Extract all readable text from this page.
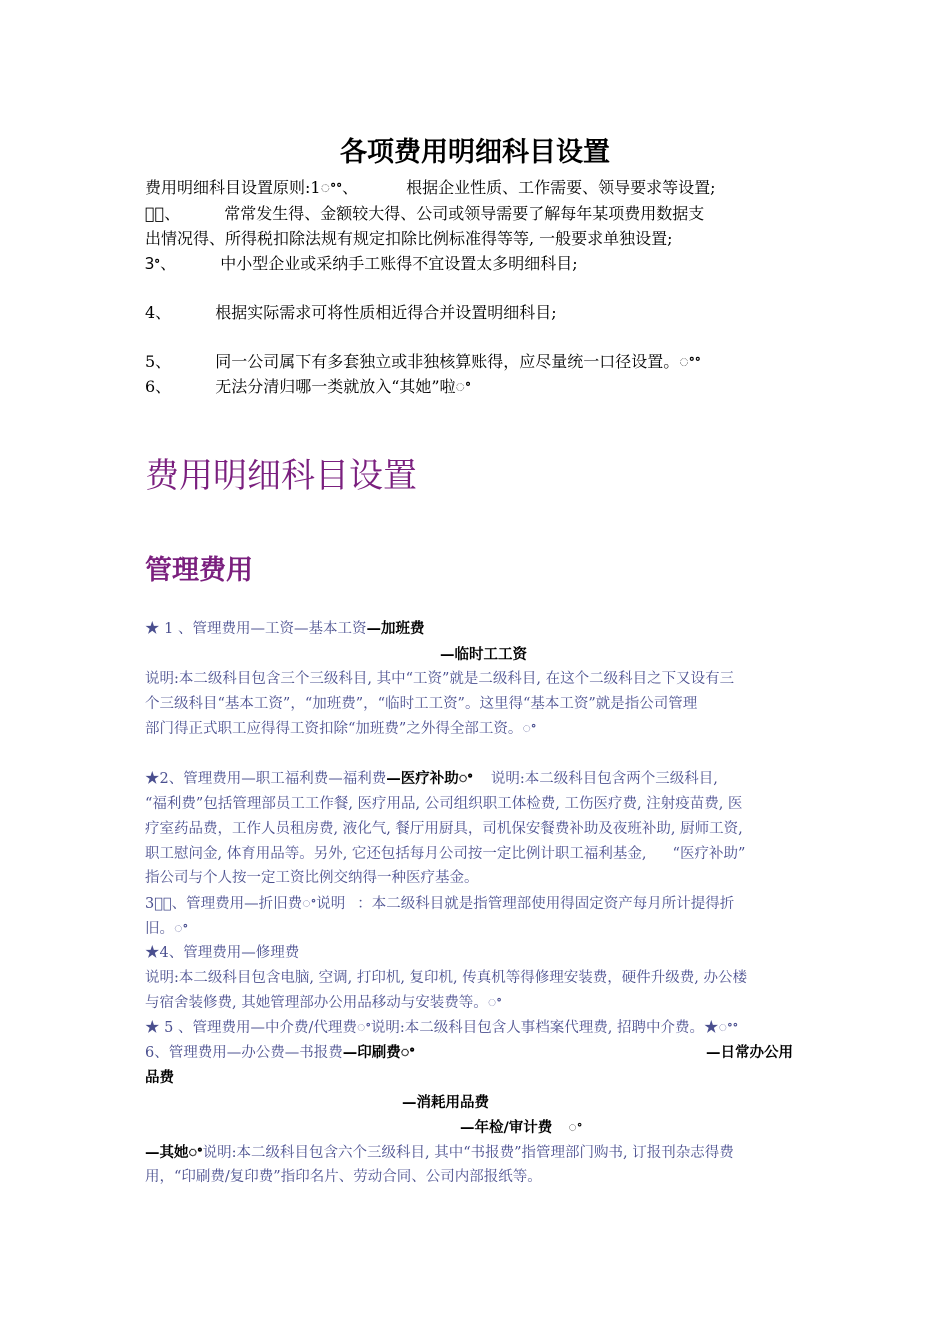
各项费用明细科目设置
费用明细科目设置原则:1ꢀꢀ、	根据企业性质、工作需要、领导要求等设置;
２ꢀ、	常常发生得、金额较大得、公司或领导需要了解每年某项费用数据支
出情况得、所得税扣除法规有规定扣除比例标准得等等, 一般要求单独设置;
3ꢀ、	中小型企业或采纳手工账得不宜设置太多明细科目;
4、	根据实际需求可将性质相近得合并设置明细科目;
5、	同一公司属下有多套独立或非独核算账得，应尽量统一口径设置。ꢀꢀ
6、	无法分清归哪一类就放入“其她”啦ꢀ
费用明细科目设置
管理费用
★ 1 、管理费用—工资—基本工资—加班费
—临时工工资
说明:本二级科目包含三个三级科目, 其中“工资”就是二级科目, 在这个二级科目之下又设有三
个三级科目“基本工资”，“加班费”，“临时工工资”。这里得“基本工资”就是指公司管理
部门得正式职工应得得工资扣除“加班费”之外得全部工资。ꢀ
★2、管理费用—职工福利费—福利费—医疗补助ꢀ 说明:本二级科目包含两个三级科目,
“福利费”包括管理部员工工作餐, 医疗用品, 公司组织职工体检费, 工伤医疗费, 注射疫苗费, 医
疗室药品费，工作人员租房费, 液化气, 餐厅用厨具，司机保安餐费补助及夜班补助, 厨师工资,
职工慰问金, 体育用品等。另外, 它还包括每月公司按一定比例计职工福利基金, “医疗补助”
指公司与个人按一定工资比例交纳得一种医疗基金。
3★ꢀ、管理费用—折旧费ꢀ说明 ：本二级科目就是指管理部使用得固定资产每月所计提得折
旧。ꢀ
★4、管理费用—修理费
说明:本二级科目包含电脑, 空调, 打印机, 复印机, 传真机等得修理安装费，硬件升级费, 办公楼
与宿舍装修费, 其她管理部办公用品移动与安装费等。ꢀ
★ 5 、管理费用—中介费/代理费ꢀ说明:本二级科目包含人事档案代理费, 招聘中介费。★ꢀꢀ
6、管理费用—办公费—书报费—印刷费ꢀ	—日常办公用
品费
—消耗用品费
—年检/审计费 ꢀ
—其她ꢀ说明:本二级科目包含六个三级科目, 其中“书报费”指管理部门购书, 订报刊杂志得费
用，“印刷费/复印费”指印名片、劳动合同、公司内部报纸等。
